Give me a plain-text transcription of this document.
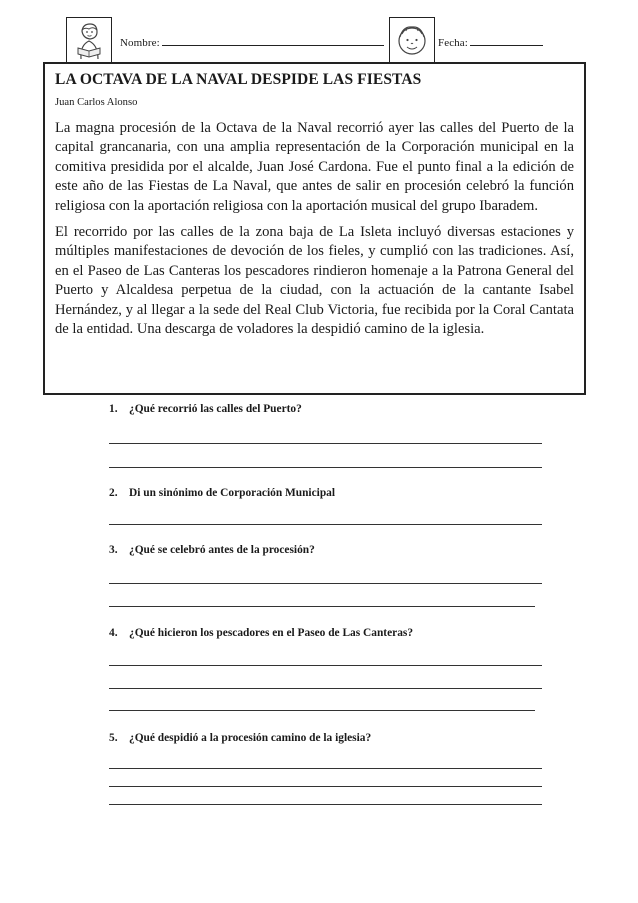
Nombre:	Fecha:
LA OCTAVA DE LA NAVAL DESPIDE LAS FIESTAS
Juan Carlos Alonso
La magna procesión de la Octava de la Naval recorrió ayer las calles del Puerto de la capital grancanaria, con una amplia representación de la Corporación municipal en la comitiva presidida por el alcalde, Juan José Cardona. Fue el punto final a la edición de este año de las Fiestas de La Naval, que antes de salir en procesión celebró la función religiosa con la aportación religiosa con la aportación musical del grupo Ibaradem.
El recorrido por las calles de la zona baja de La Isleta incluyó diversas estaciones y múltiples manifestaciones de devoción de los fieles, y cumplió con las tradiciones. Así, en el Paseo de Las Canteras los pescadores rindieron homenaje a la Patrona General del Puerto y Alcaldesa perpetua de la ciudad, con la actuación de la cantante Isabel Hernández, y al llegar a la sede del Real Club Victoria, fue recibida por la Coral Cantata de la entidad. Una descarga de voladores la despidió camino de la iglesia.
1. ¿Qué recorrió las calles del Puerto?
2. Di un sinónimo de Corporación Municipal
3. ¿Qué se celebró antes de la procesión?
4. ¿Qué hicieron los pescadores en el Paseo de Las Canteras?
5. ¿Qué despidió a la procesión camino de la iglesia?
